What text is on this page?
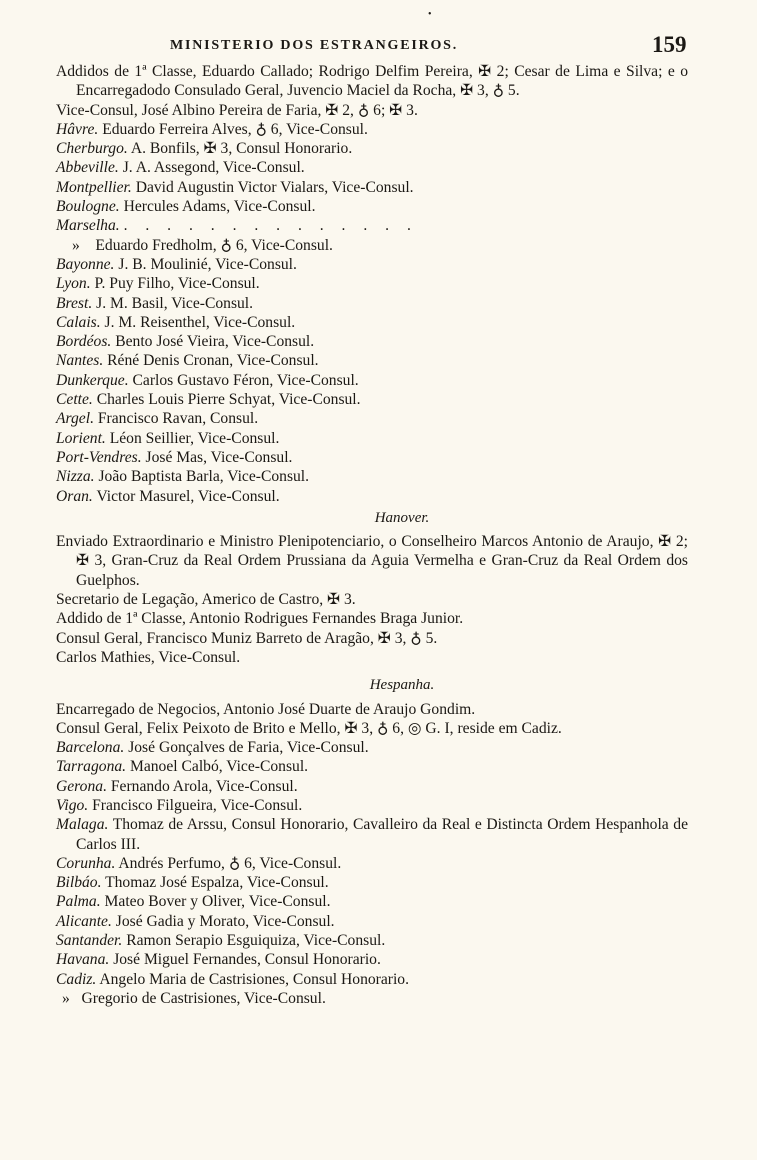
•
MINISTERIO DOS ESTRANGEIROS.	159
Addidos de 1ª Classe, Eduardo Callado; Rodrigo Delfim Pereira, ✠ 2; Cesar de Lima e Silva; e o Encarregadodo Consulado Geral, Juvencio Maciel da Rocha, ✠ 3, ♁ 5.
Vice-Consul, José Albino Pereira de Faria, ✠ 2, ♁ 6; ✠ 3.
Hâvre. Eduardo Ferreira Alves, ♁ 6, Vice-Consul.
Cherburgo. A. Bonfils, ✠ 3, Consul Honorario.
Abbeville. J. A. Assegond, Vice-Consul.
Montpellier. David Augustin Victor Vialars, Vice-Consul.
Boulogne. Hercules Adams, Vice-Consul.
Marselha. . . . . . . . . . . . . . .
» Eduardo Fredholm, ♁ 6, Vice-Consul.
Bayonne. J. B. Moulinié, Vice-Consul.
Lyon. P. Puy Filho, Vice-Consul.
Brest. J. M. Basil, Vice-Consul.
Calais. J. M. Reisenthel, Vice-Consul.
Bordéos. Bento José Vieira, Vice-Consul.
Nantes. Réné Denis Cronan, Vice-Consul.
Dunkerque. Carlos Gustavo Féron, Vice-Consul.
Cette. Charles Louis Pierre Schyat, Vice-Consul.
Argel. Francisco Ravan, Consul.
Lorient. Léon Seillier, Vice-Consul.
Port-Vendres. José Mas, Vice-Consul.
Nizza. João Baptista Barla, Vice-Consul.
Oran. Victor Masurel, Vice-Consul.
Hanover.
Enviado Extraordinario e Ministro Plenipotenciario, o Conselheiro Marcos Antonio de Araujo, ✠ 2; ✠ 3, Gran-Cruz da Real Ordem Prussiana da Aguia Vermelha e Gran-Cruz da Real Ordem dos Guelphos.
Secretario de Legação, Americo de Castro, ✠ 3.
Addido de 1ª Classe, Antonio Rodrigues Fernandes Braga Junior.
Consul Geral, Francisco Muniz Barreto de Aragão, ✠ 3, ♁ 5.
Carlos Mathies, Vice-Consul.
Hespanha.
Encarregado de Negocios, Antonio José Duarte de Araujo Gondim.
Consul Geral, Felix Peixoto de Brito e Mello, ✠ 3, ♁ 6, ◎ G. I, reside em Cadiz.
Barcelona. José Gonçalves de Faria, Vice-Consul.
Tarragona. Manoel Calbó, Vice-Consul.
Gerona. Fernando Arola, Vice-Consul.
Vigo. Francisco Filgueira, Vice-Consul.
Malaga. Thomaz de Arssu, Consul Honorario, Cavalleiro da Real e Distincta Ordem Hespanhola de Carlos III.
Corunha. Andrés Perfumo, ♁ 6, Vice-Consul.
Bilbáo. Thomaz José Espalza, Vice-Consul.
Palma. Mateo Bover y Oliver, Vice-Consul.
Alicante. José Gadia y Morato, Vice-Consul.
Santander. Ramon Serapio Esguiquiza, Vice-Consul.
Havana. José Miguel Fernandes, Consul Honorario.
Cadiz. Angelo Maria de Castrisiones, Consul Honorario.
» Gregorio de Castrisiones, Vice-Consul.
